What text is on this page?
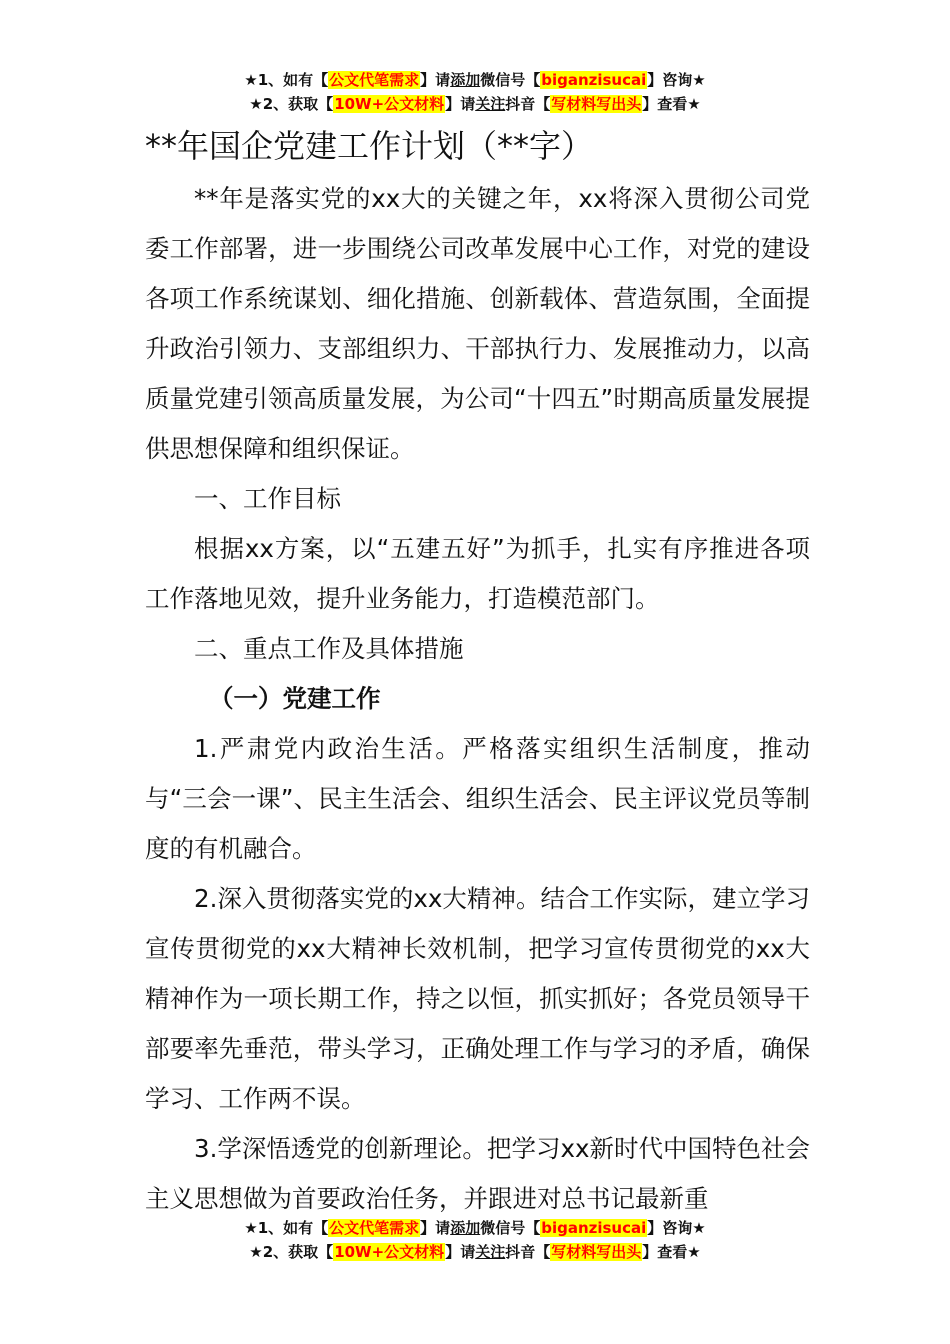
★1、如有【公文代笔需求】请添加微信号【biganzisucai】咨询★
★2、获取【10W+公文材料】请关注抖音【写材料写出头】查看★
**年国企党建工作计划（**字）

**年是落实党的xx大的关键之年，xx将深入贯彻公司党委工作部署，进一步围绕公司改革发展中心工作，对党的建设各项工作系统谋划、细化措施、创新载体、营造氛围，全面提升政治引领力、支部组织力、干部执行力、发展推动力，以高质量党建引领高质量发展，为公司“十四五”时期高质量发展提供思想保障和组织保证。

一、工作目标

根据xx方案，以“五建五好”为抓手，扎实有序推进各项工作落地见效，提升业务能力，打造模范部门。

二、重点工作及具体措施

（一）党建工作

1.严肃党内政治生活。严格落实组织生活制度，推动与“三会一课”、民主生活会、组织生活会、民主评议党员等制度的有机融合。

2.深入贯彻落实党的xx大精神。结合工作实际，建立学习宣传贯彻党的xx大精神长效机制，把学习宣传贯彻党的xx大精神作为一项长期工作，持之以恒，抓实抓好；各党员领导干部要率先垂范，带头学习，正确处理工作与学习的矛盾，确保学习、工作两不误。

3.学深悟透党的创新理论。把学习xx新时代中国特色社会主义思想做为首要政治任务，并跟进对总书记最新重

★1、如有【公文代笔需求】请添加微信号【biganzisucai】咨询★
★2、获取【10W+公文材料】请关注抖音【写材料写出头】查看★
